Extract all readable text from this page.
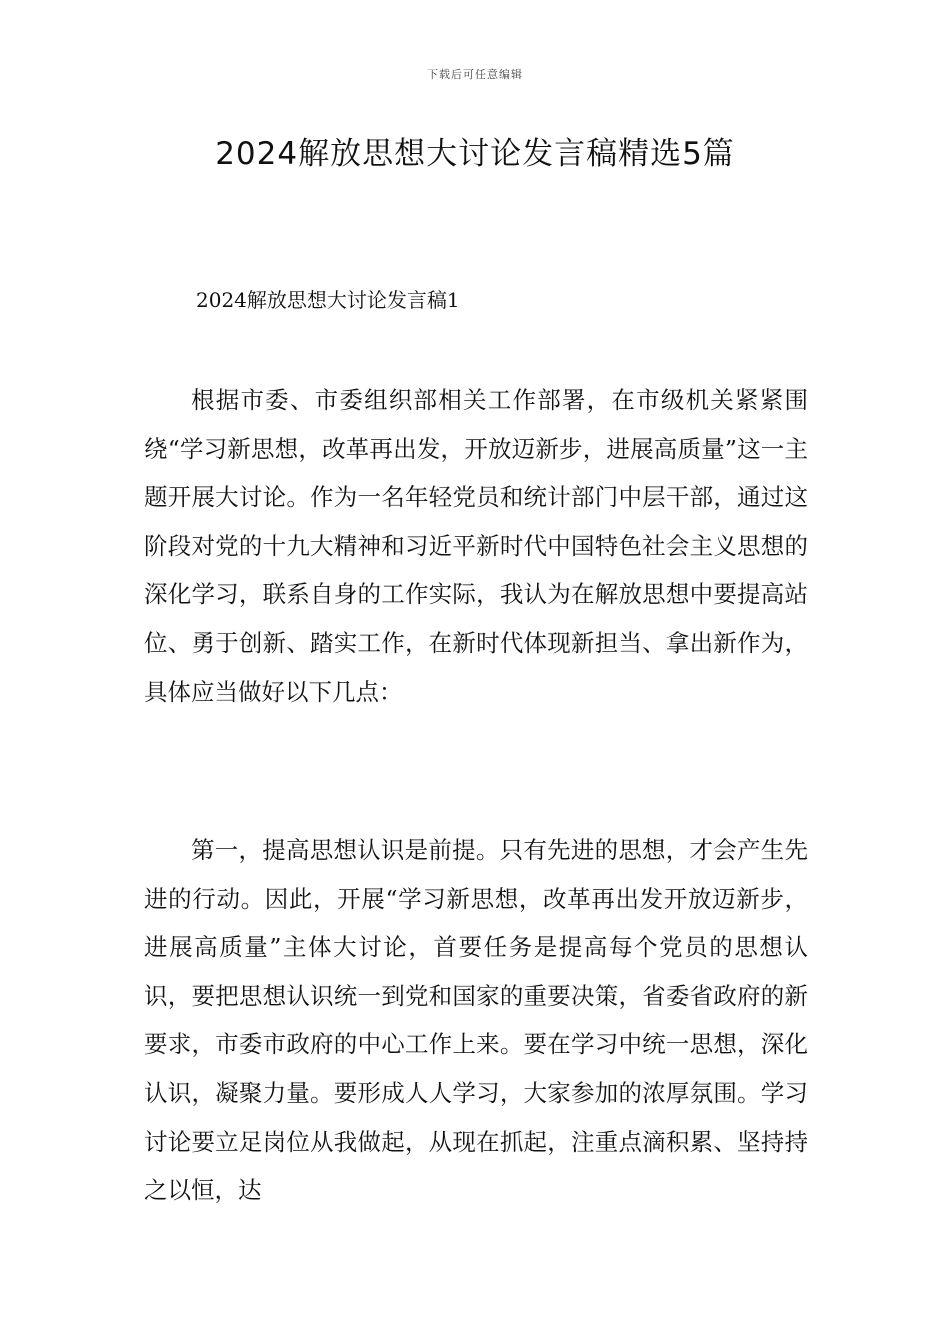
下载后可任意编辑
2024解放思想大讨论发言稿精选5篇
2024解放思想大讨论发言稿1

根据市委、市委组织部相关工作部署，在市级机关紧紧围绕“学习新思想，改革再出发，开放迈新步，进展高质量”这一主题开展大讨论。作为一名年轻党员和统计部门中层干部，通过这阶段对党的十九大精神和习近平新时代中国特色社会主义思想的深化学习，联系自身的工作实际，我认为在解放思想中要提高站位、勇于创新、踏实工作，在新时代体现新担当、拿出新作为，具体应当做好以下几点：

第一，提高思想认识是前提。只有先进的思想，才会产生先进的行动。因此，开展“学习新思想，改革再出发开放迈新步，进展高质量”主体大讨论，首要任务是提高每个党员的思想认识，要把思想认识统一到党和国家的重要决策，省委省政府的新要求，市委市政府的中心工作上来。要在学习中统一思想，深化认识，凝聚力量。要形成人人学习，大家参加的浓厚氛围。学习讨论要立足岗位从我做起，从现在抓起，注重点滴积累、坚持持之以恒，达
